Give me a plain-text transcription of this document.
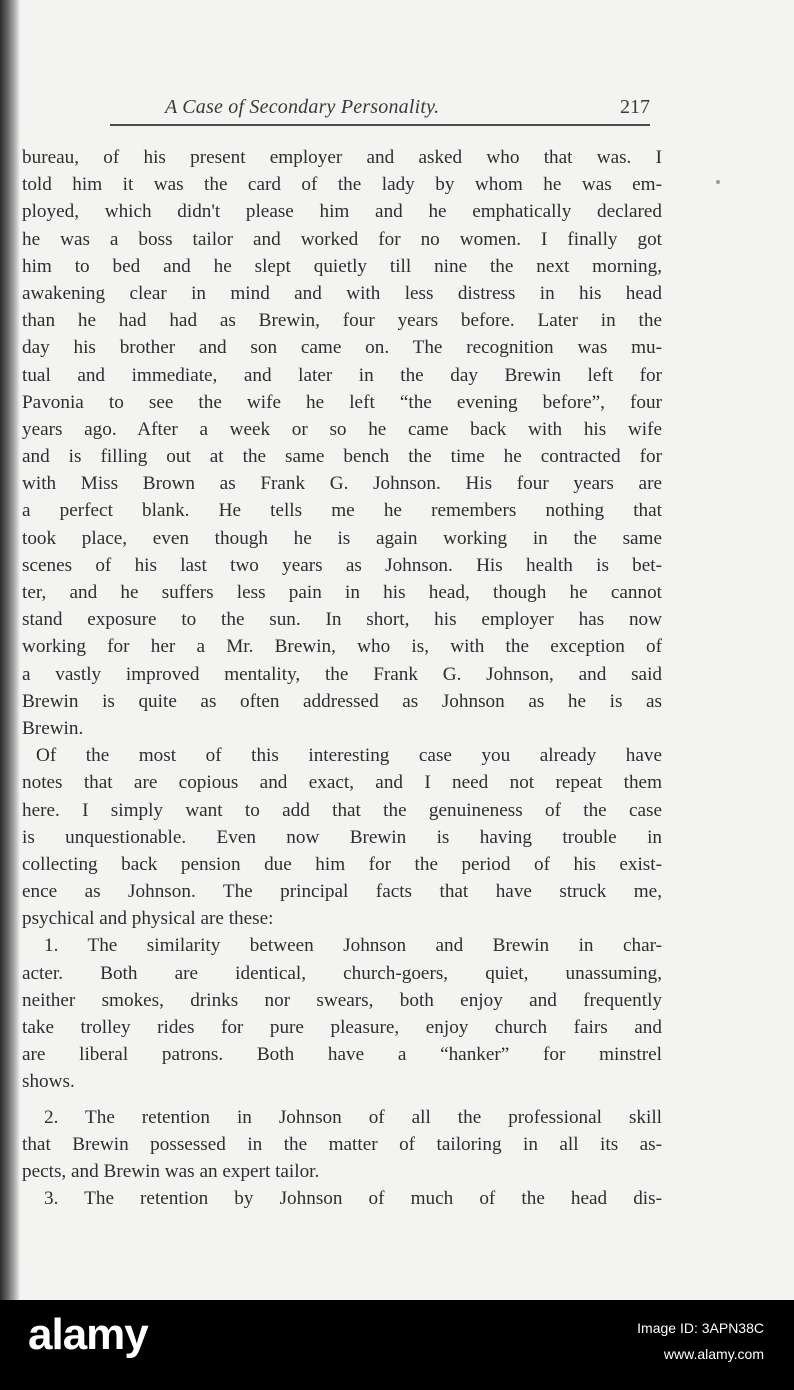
A Case of Secondary Personality.	217
bureau, of his present employer and asked who that was. I
told him it was the card of the lady by whom he was em-
ployed, which didn't please him and he emphatically declared
he was a boss tailor and worked for no women. I finally got
him to bed and he slept quietly till nine the next morning,
awakening clear in mind and with less distress in his head
than he had had as Brewin, four years before. Later in the
day his brother and son came on. The recognition was mu-
tual and immediate, and later in the day Brewin left for
Pavonia to see the wife he left “the evening before”, four
years ago. After a week or so he came back with his wife
and is filling out at the same bench the time he contracted for
with Miss Brown as Frank G. Johnson. His four years are
a perfect blank. He tells me he remembers nothing that
took place, even though he is again working in the same
scenes of his last two years as Johnson. His health is bet-
ter, and he suffers less pain in his head, though he cannot
stand exposure to the sun. In short, his employer has now
working for her a Mr. Brewin, who is, with the exception of
a vastly improved mentality, the Frank G. Johnson, and said
Brewin is quite as often addressed as Johnson as he is as
Brewin.
Of the most of this interesting case you already have
notes that are copious and exact, and I need not repeat them
here. I simply want to add that the genuineness of the case
is unquestionable. Even now Brewin is having trouble in
collecting back pension due him for the period of his exist-
ence as Johnson. The principal facts that have struck me,
psychical and physical are these:
1. The similarity between Johnson and Brewin in char-
acter. Both are identical, church-goers, quiet, unassuming,
neither smokes, drinks nor swears, both enjoy and frequently
take trolley rides for pure pleasure, enjoy church fairs and
are liberal patrons. Both have a “hanker” for minstrel
shows.
2. The retention in Johnson of all the professional skill
that Brewin possessed in the matter of tailoring in all its as-
pects, and Brewin was an expert tailor.
3. The retention by Johnson of much of the head dis-
alamy	Image ID: 3APN38C
www.alamy.com
